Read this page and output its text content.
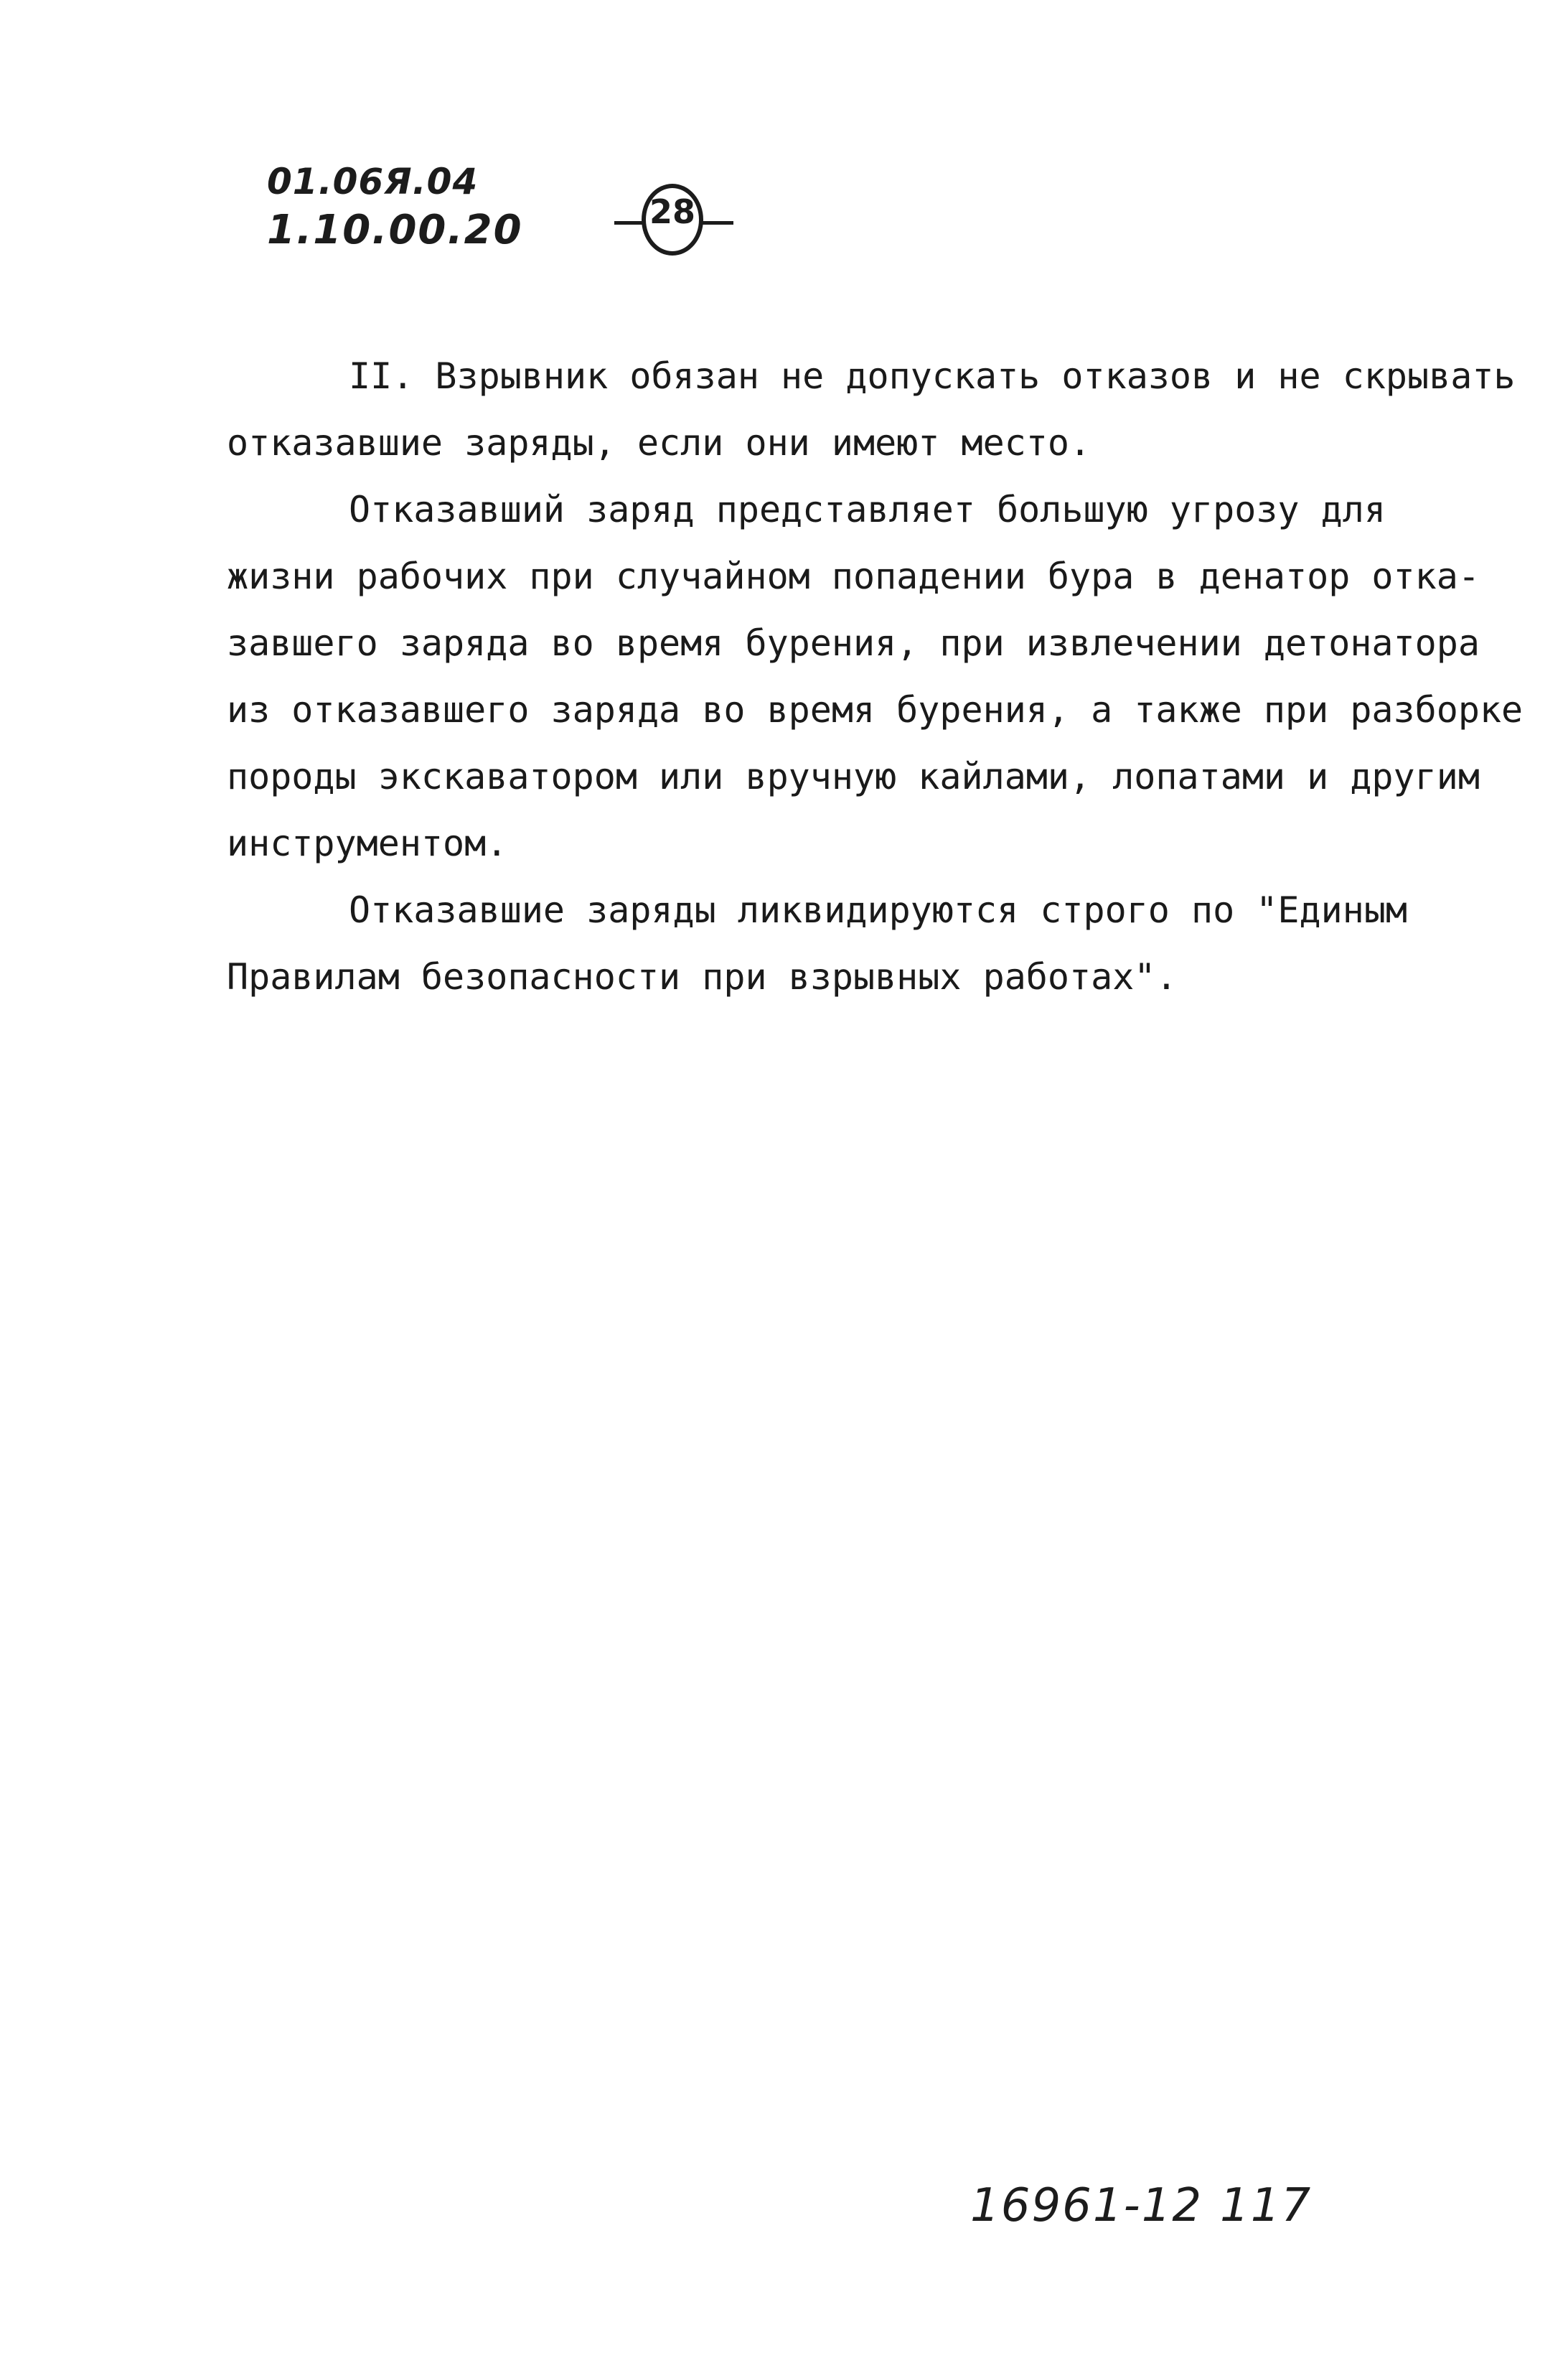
01.06Я.04
1.10.00.20	28
II. Взрывник обязан не допускать отказов и не скрывать
отказавшие заряды, если они имеют место.
Отказавший заряд представляет большую угрозу для
жизни рабочих при случайном попадении бура в денатор отка-
завшего заряда во время бурения, при извлечении детонатора
из отказавшего заряда во время бурения, а также при разборке
породы экскаватором или вручную кайлами, лопатами и другим
инструментом.
Отказавшие заряды ликвидируются строго по "Единым
Правилам безопасности при взрывных работах".
16961-12 117
